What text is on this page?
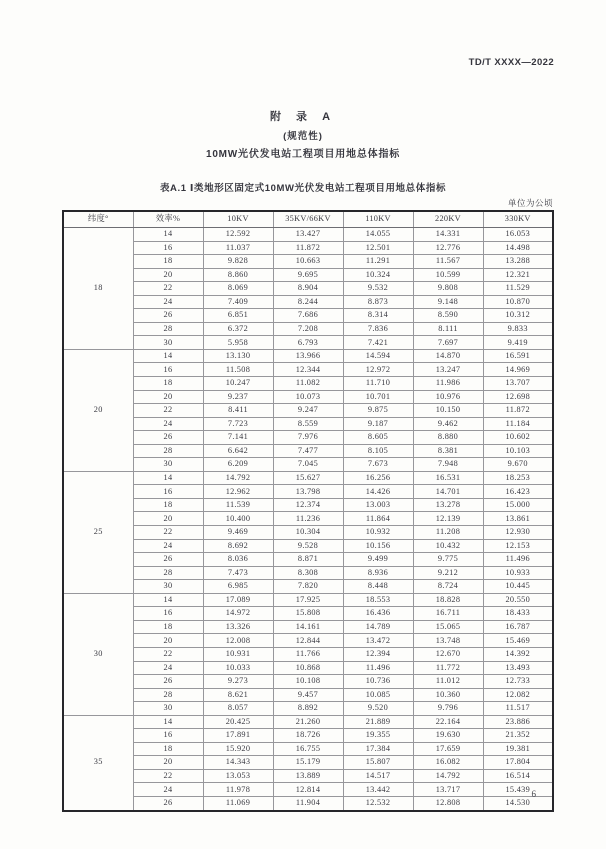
TD/T XXXX—2022
附 录 A
(规范性)
10MW光伏发电站工程项目用地总体指标
表A.1 Ⅰ类地形区固定式10MW光伏发电站工程项目用地总体指标
单位为公顷
纬度°	效率%	10KV	35KV/66KV	110KV	220KV	330KV
18	14	12.592	13.427	14.055	14.331	16.053
	16	11.037	11.872	12.501	12.776	14.498
	18	9.828	10.663	11.291	11.567	13.288
	20	8.860	9.695	10.324	10.599	12.321
	22	8.069	8.904	9.532	9.808	11.529
	24	7.409	8.244	8.873	9.148	10.870
	26	6.851	7.686	8.314	8.590	10.312
	28	6.372	7.208	7.836	8.111	9.833
	30	5.958	6.793	7.421	7.697	9.419
20	14	13.130	13.966	14.594	14.870	16.591
	16	11.508	12.344	12.972	13.247	14.969
	18	10.247	11.082	11.710	11.986	13.707
	20	9.237	10.073	10.701	10.976	12.698
	22	8.411	9.247	9.875	10.150	11.872
	24	7.723	8.559	9.187	9.462	11.184
	26	7.141	7.976	8.605	8.880	10.602
	28	6.642	7.477	8.105	8.381	10.103
	30	6.209	7.045	7.673	7.948	9.670
25	14	14.792	15.627	16.256	16.531	18.253
	16	12.962	13.798	14.426	14.701	16.423
	18	11.539	12.374	13.003	13.278	15.000
	20	10.400	11.236	11.864	12.139	13.861
	22	9.469	10.304	10.932	11.208	12.930
	24	8.692	9.528	10.156	10.432	12.153
	26	8.036	8.871	9.499	9.775	11.496
	28	7.473	8.308	8.936	9.212	10.933
	30	6.985	7.820	8.448	8.724	10.445
30	14	17.089	17.925	18.553	18.828	20.550
	16	14.972	15.808	16.436	16.711	18.433
	18	13.326	14.161	14.789	15.065	16.787
	20	12.008	12.844	13.472	13.748	15.469
	22	10.931	11.766	12.394	12.670	14.392
	24	10.033	10.868	11.496	11.772	13.493
	26	9.273	10.108	10.736	11.012	12.733
	28	8.621	9.457	10.085	10.360	12.082
	30	8.057	8.892	9.520	9.796	11.517
35	14	20.425	21.260	21.889	22.164	23.886
	16	17.891	18.726	19.355	19.630	21.352
	18	15.920	16.755	17.384	17.659	19.381
	20	14.343	15.179	15.807	16.082	17.804
	22	13.053	13.889	14.517	14.792	16.514
	24	11.978	12.814	13.442	13.717	15.439
	26	11.069	11.904	12.532	12.808	14.530
6
